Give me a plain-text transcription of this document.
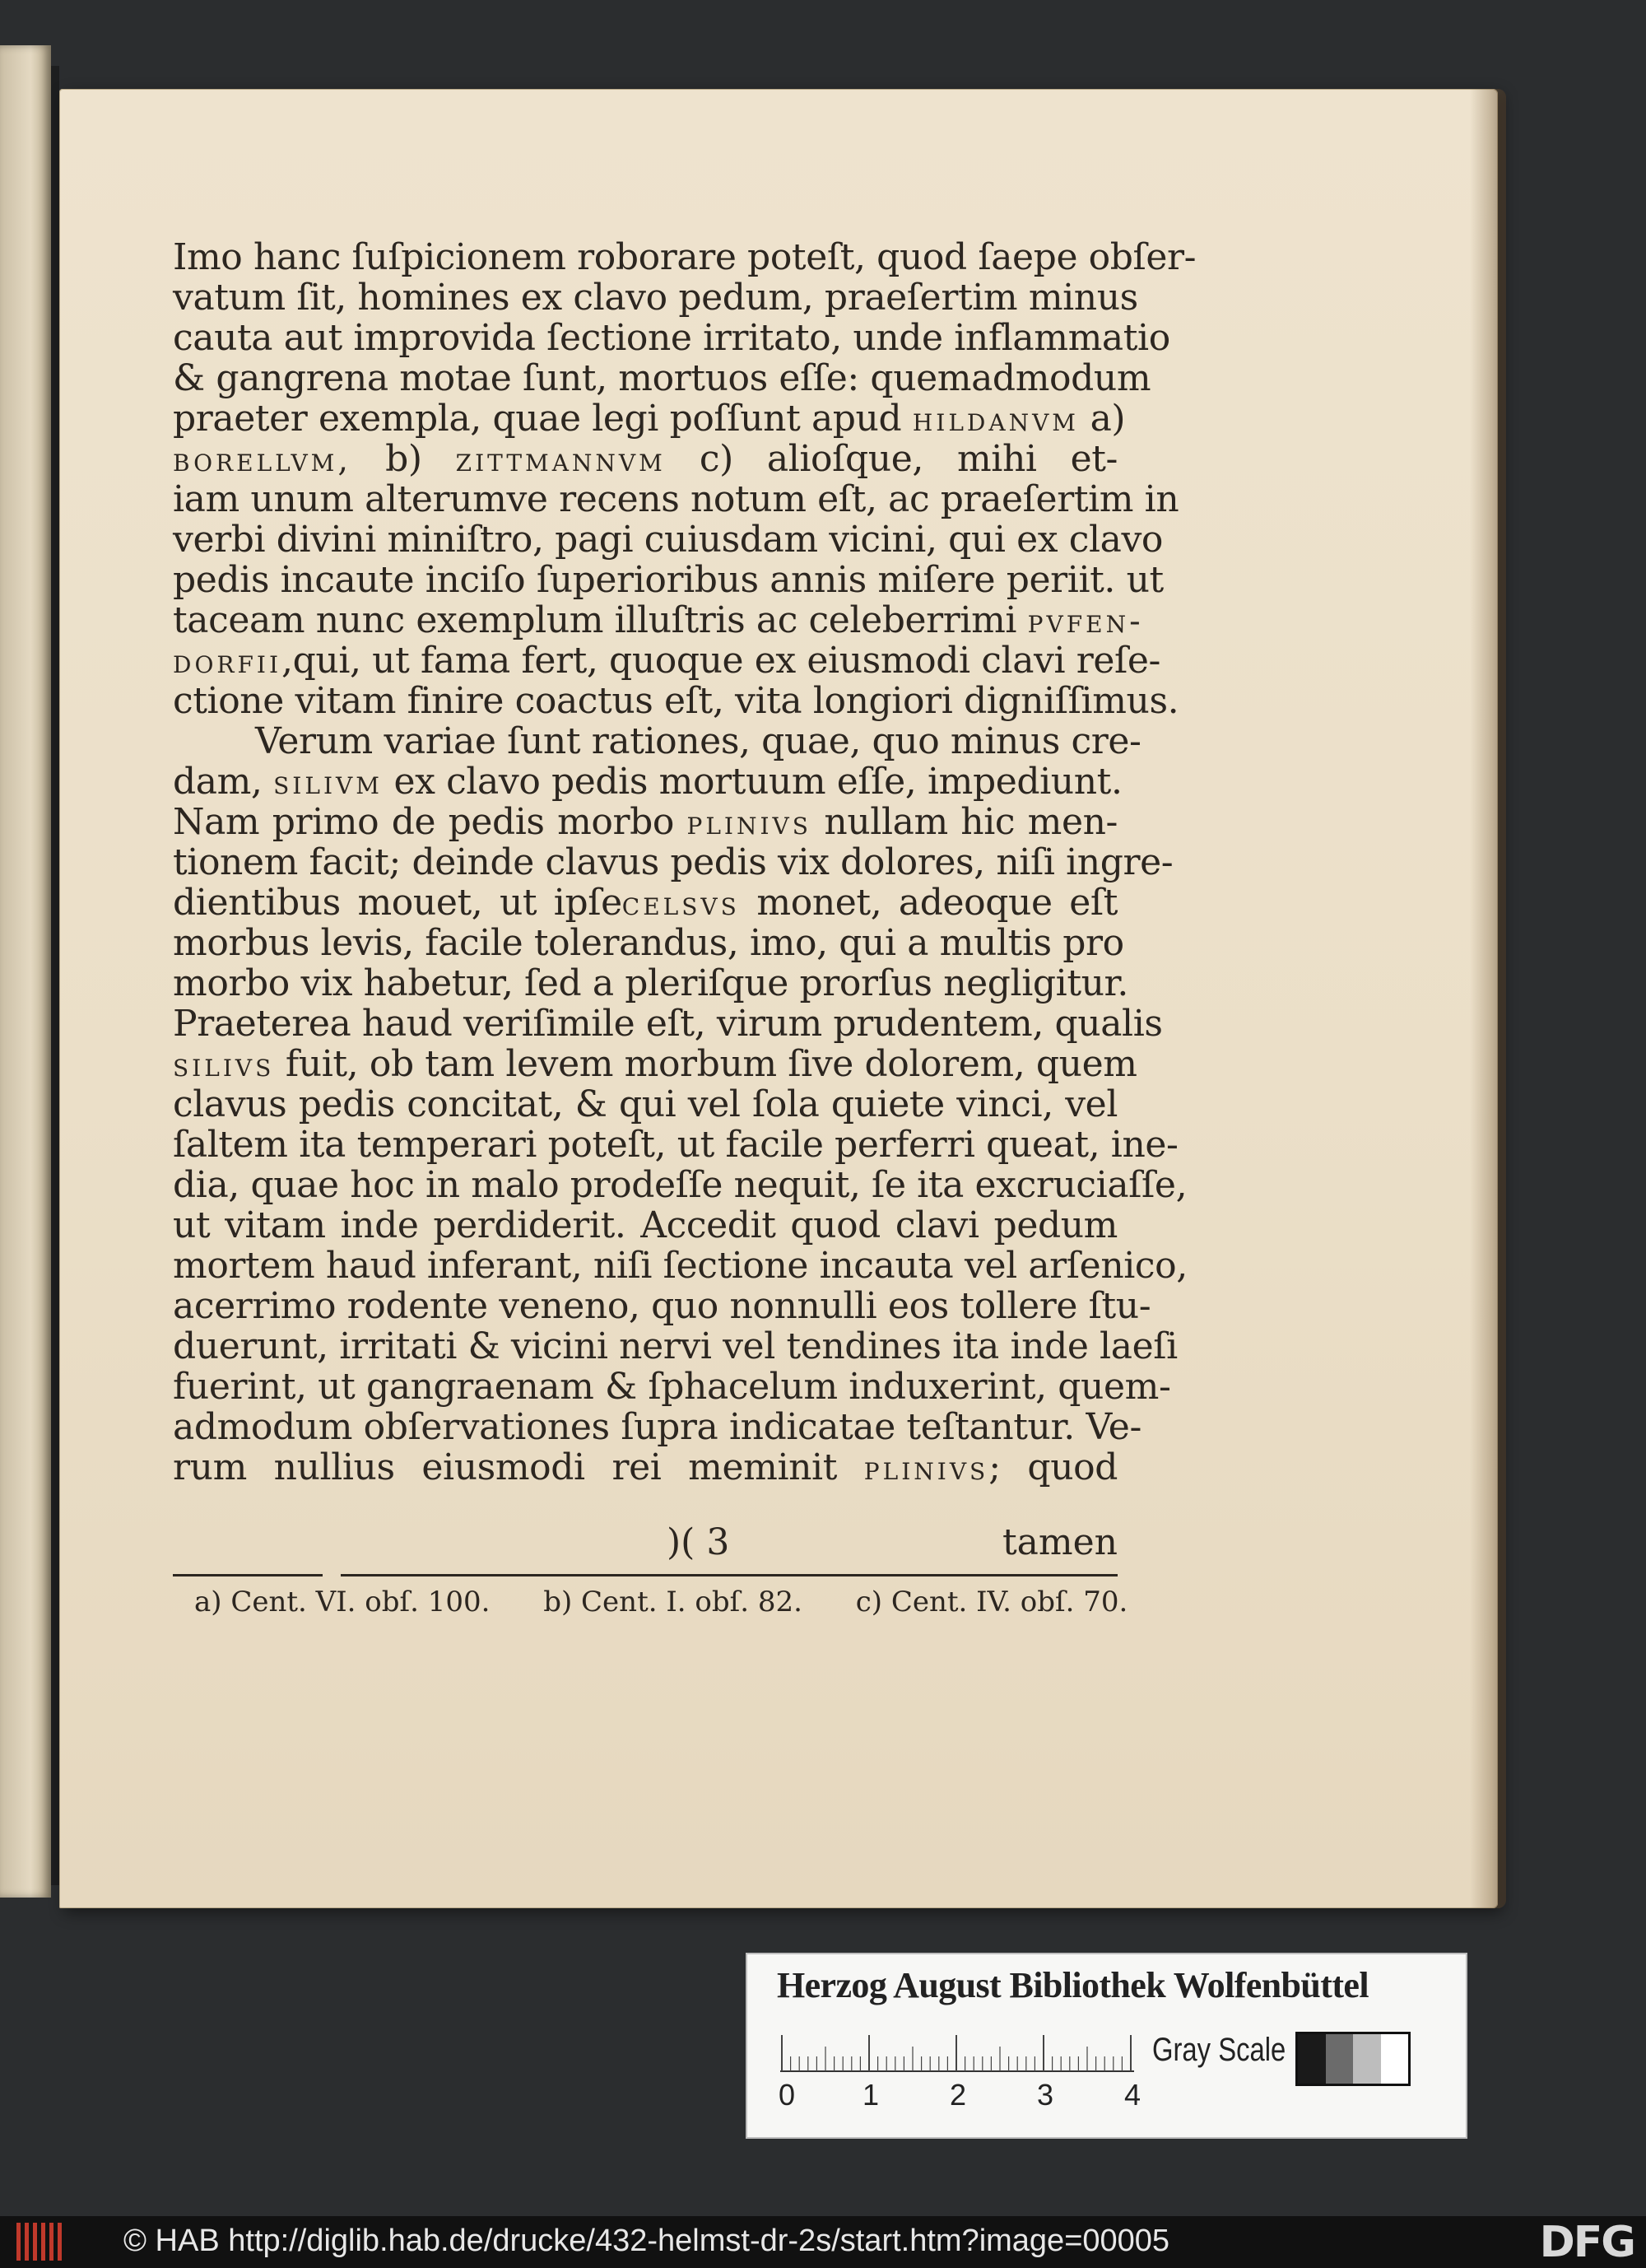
Imo hanc ſuſpicionem roborare poteſt, quod ſaepe obſer-
vatum ſit, homines ex clavo pedum, praeſertim minus
cauta aut improvida ſectione irritato, unde inflammatio
& gangrena motae ſunt, mortuos eſſe: quemadmodum
praeter exempla, quae legi poſſunt apud hildanvm a)
borellvm, b) zittmannvm c) alioſque, mihi et-
iam unum alterumve recens notum eſt, ac praeſertim in
verbi divini miniſtro, pagi cuiusdam vicini, qui ex clavo
pedis incaute inciſo ſuperioribus annis miſere periit. ut
taceam nunc exemplum illuſtris ac celeberrimi pvfen-
dorfii,qui, ut fama fert, quoque ex eiusmodi clavi reſe-
ctione vitam finire coactus eſt, vita longiori digniſſimus.
Verum variae ſunt rationes, quae, quo minus cre-
dam, silivm ex clavo pedis mortuum eſſe, impediunt.
Nam primo de pedis morbo plinivs nullam hic men-
tionem facit; deinde clavus pedis vix dolores, niſi ingre-
dientibus mouet, ut ipſecelsvs monet, adeoque eſt
morbus levis, facile tolerandus, imo, qui a multis pro
morbo vix habetur, ſed a pleriſque prorſus negligitur.
Praeterea haud veriſimile eſt, virum prudentem, qualis
silivs fuit, ob tam levem morbum ſive dolorem, quem
clavus pedis concitat, & qui vel ſola quiete vinci, vel
ſaltem ita temperari poteſt, ut facile perferri queat, ine-
dia, quae hoc in malo prodeſſe nequit, ſe ita excruciaſſe,
ut vitam inde perdiderit. Accedit quod clavi pedum
mortem haud inferant, niſi ſectione incauta vel arſenico,
acerrimo rodente veneno, quo nonnulli eos tollere ſtu-
duerunt, irritati & vicini nervi vel tendines ita inde laeſi
fuerint, ut gangraenam & ſphacelum induxerint, quem-
admodum obſervationes ſupra indicatae teſtantur. Ve-
rum nullius eiusmodi rei meminit plinivs; quod
)( 3	tamen
a) Cent. VI. obſ. 100. b) Cent. I. obſ. 82. c) Cent. IV. obſ. 70.
Herzog August Bibliothek Wolfenbüttel
0 1 2 3 4
Gray Scale
© HAB http://diglib.hab.de/drucke/432-helmst-dr-2s/start.htm?image=00005	DFG
